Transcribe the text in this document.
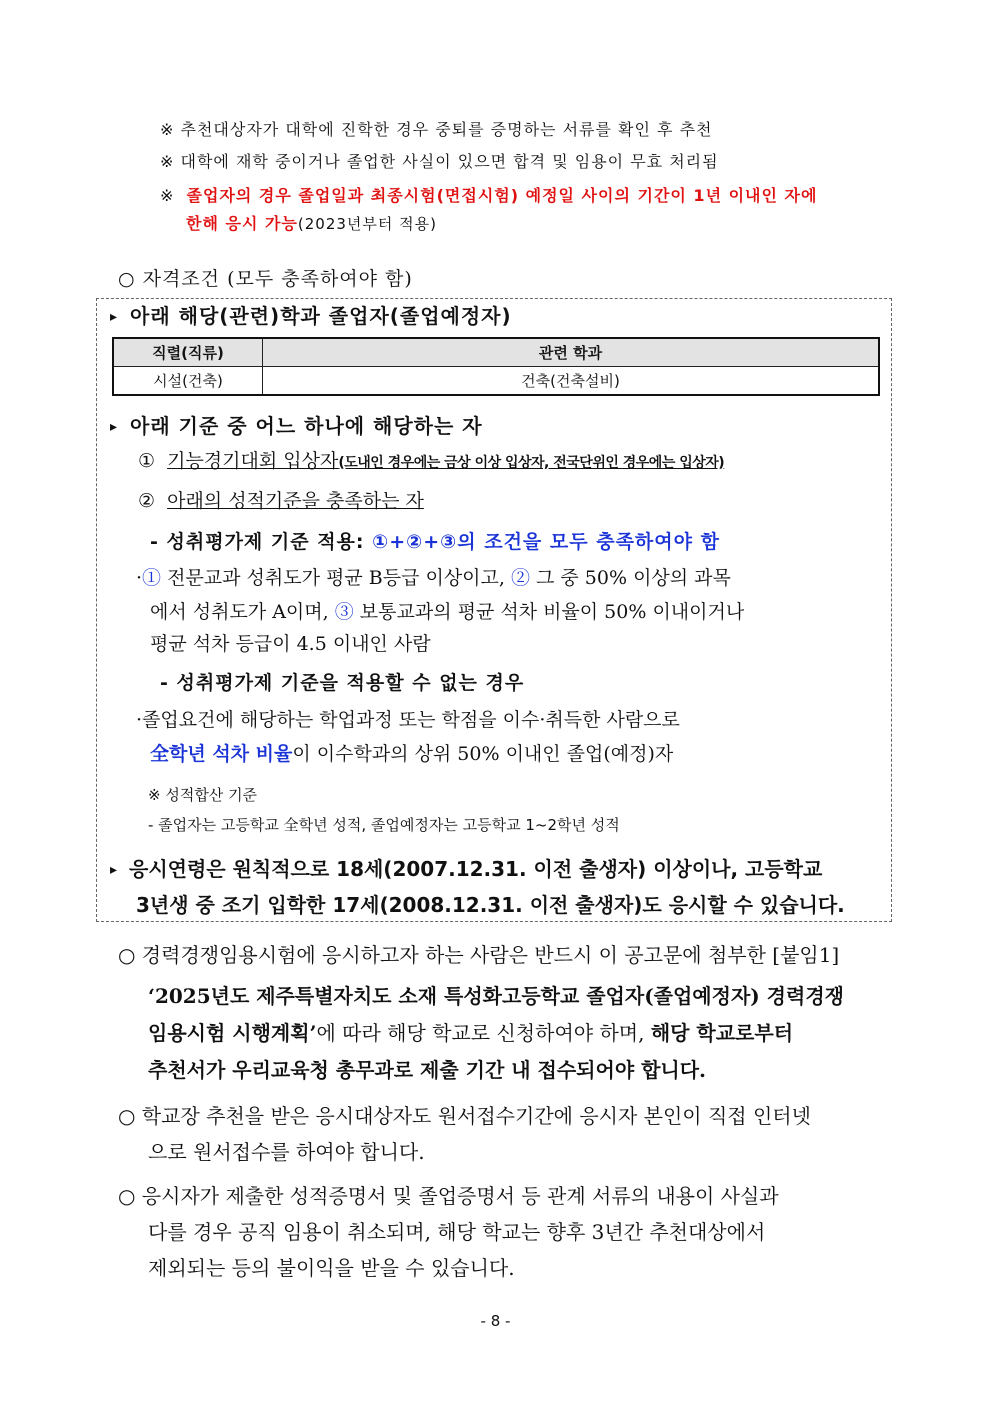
※ 추천대상자가 대학에 진학한 경우 중퇴를 증명하는 서류를 확인 후 추천
※ 대학에 재학 중이거나 졸업한 사실이 있으면 합격 및 임용이 무효 처리됨
※ 졸업자의 경우 졸업일과 최종시험(면접시험) 예정일 사이의 기간이 1년 이내인 자에
한해 응시 가능(2023년부터 적용)
○ 자격조건 (모두 충족하여야 함)
▸ 아래 해당(관련)학과 졸업자(졸업예정자)
직렬(직류)	관련 학과
시설(건축)	건축(건축설비)
▸ 아래 기준 중 어느 하나에 해당하는 자
① 기능경기대회 입상자(도내인 경우에는 금상 이상 입상자, 전국단위인 경우에는 입상자)
② 아래의 성적기준을 충족하는 자
- 성취평가제 기준 적용: ①+②+③의 조건을 모두 충족하여야 함
·① 전문교과 성취도가 평균 B등급 이상이고, ② 그 중 50% 이상의 과목
에서 성취도가 A이며, ③ 보통교과의 평균 석차 비율이 50% 이내이거나
평균 석차 등급이 4.5 이내인 사람
- 성취평가제 기준을 적용할 수 없는 경우
·졸업요건에 해당하는 학업과정 또는 학점을 이수·취득한 사람으로
全학년 석차 비율이 이수학과의 상위 50% 이내인 졸업(예정)자
※ 성적합산 기준
- 졸업자는 고등학교 全학년 성적, 졸업예정자는 고등학교 1~2학년 성적
▸ 응시연령은 원칙적으로 18세(2007.12.31. 이전 출생자) 이상이나, 고등학교
3년생 중 조기 입학한 17세(2008.12.31. 이전 출생자)도 응시할 수 있습니다.
○ 경력경쟁임용시험에 응시하고자 하는 사람은 반드시 이 공고문에 첨부한 [붙임1]
‘2025년도 제주특별자치도 소재 특성화고등학교 졸업자(졸업예정자) 경력경쟁
임용시험 시행계획’에 따라 해당 학교로 신청하여야 하며, 해당 학교로부터
추천서가 우리교육청 총무과로 제출 기간 내 접수되어야 합니다.
○ 학교장 추천을 받은 응시대상자도 원서접수기간에 응시자 본인이 직접 인터넷
으로 원서접수를 하여야 합니다.
○ 응시자가 제출한 성적증명서 및 졸업증명서 등 관계 서류의 내용이 사실과
다를 경우 공직 임용이 취소되며, 해당 학교는 향후 3년간 추천대상에서
제외되는 등의 불이익을 받을 수 있습니다.
- 8 -
